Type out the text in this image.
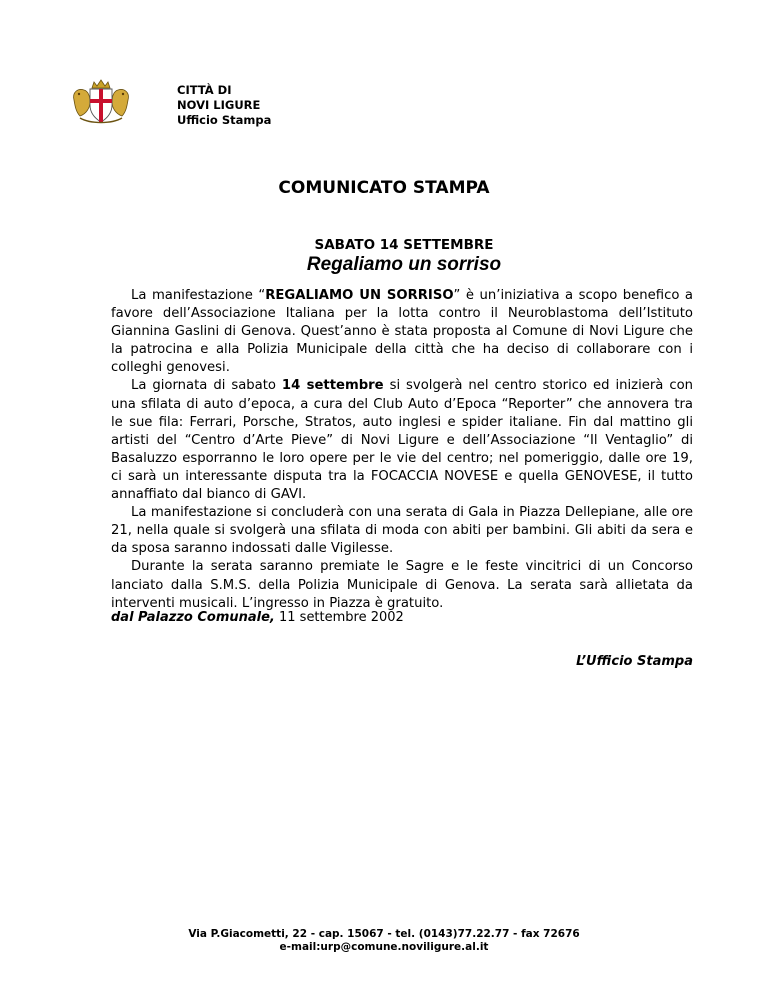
CITTÀ DI
NOVI LIGURE
Ufficio Stampa
COMUNICATO STAMPA
SABATO 14 SETTEMBRE
Regaliamo un sorriso

La manifestazione “REGALIAMO UN SORRISO” è un’iniziativa a scopo benefico a favore dell’Associazione Italiana per la lotta contro il Neuroblastoma dell’Istituto Giannina Gaslini di Genova. Quest’anno è stata proposta al Comune di Novi Ligure che la patrocina e alla Polizia Municipale della città che ha deciso di collaborare con i colleghi genovesi.

La giornata di sabato 14 settembre si svolgerà nel centro storico ed inizierà con una sfilata di auto d’epoca, a cura del Club Auto d’Epoca “Reporter” che annovera tra le sue fila: Ferrari, Porsche, Stratos, auto inglesi e spider italiane. Fin dal mattino gli artisti del “Centro d’Arte Pieve” di Novi Ligure e dell’Associazione “Il Ventaglio” di Basaluzzo esporranno le loro opere per le vie del centro; nel pomeriggio, dalle ore 19, ci sarà un interessante disputa tra la FOCACCIA NOVESE e quella GENOVESE, il tutto annaffiato dal bianco di GAVI.

La manifestazione si concluderà con una serata di Gala in Piazza Dellepiane, alle ore 21, nella quale si svolgerà una sfilata di moda con abiti per bambini. Gli abiti da sera e da sposa saranno indossati dalle Vigilesse.

Durante la serata saranno premiate le Sagre e le feste vincitrici di un Concorso lanciato dalla S.M.S. della Polizia Municipale di Genova. La serata sarà allietata da interventi musicali. L’ingresso in Piazza è gratuito.

dal Palazzo Comunale, 11 settembre 2002
L’Ufficio Stampa
Via P.Giacometti, 22 - cap. 15067 - tel. (0143)77.22.77 - fax 72676
e-mail:urp@comune.noviligure.al.it
